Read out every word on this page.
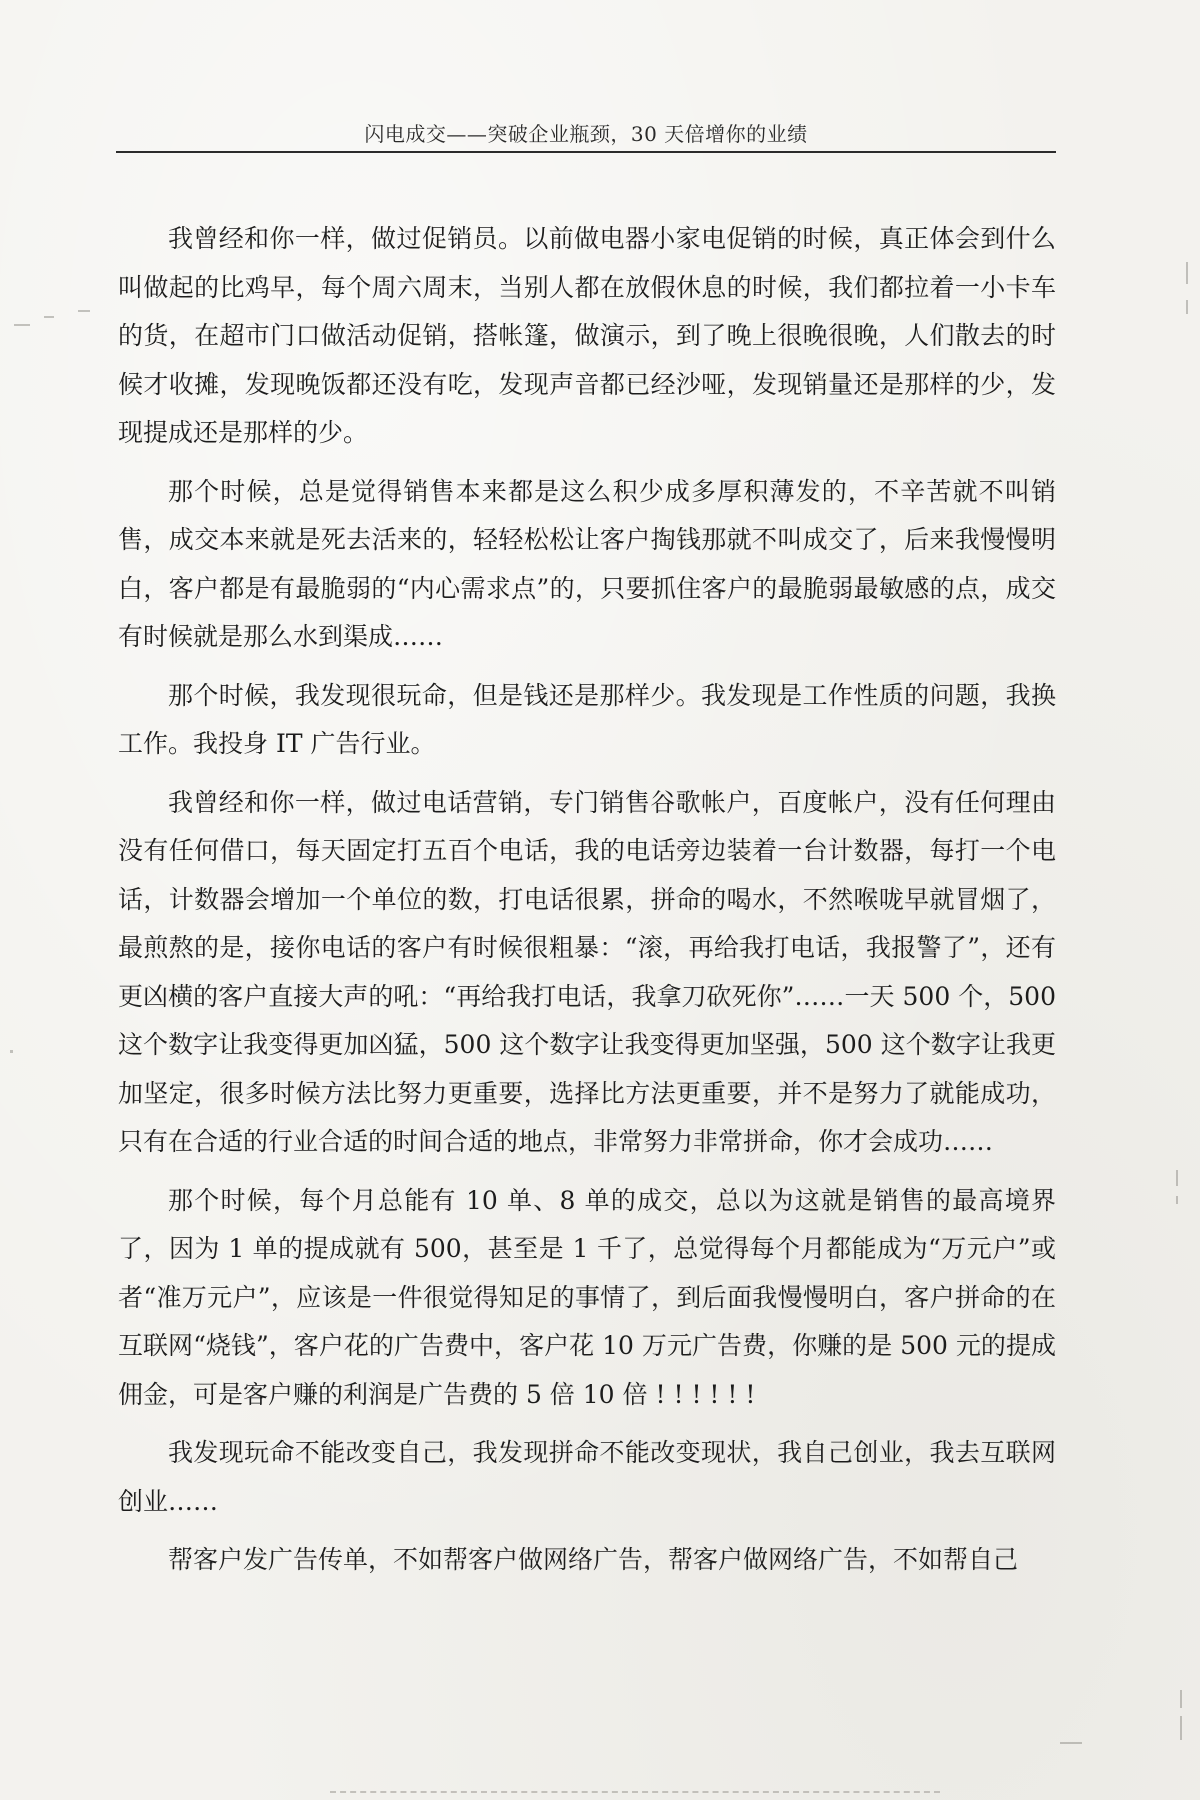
闪电成交——突破企业瓶颈，30 天倍增你的业绩

我曾经和你一样，做过促销员。以前做电器小家电促销的时候，真正体会到什么叫做起的比鸡早，每个周六周末，当别人都在放假休息的时候，我们都拉着一小卡车的货，在超市门口做活动促销，搭帐篷，做演示，到了晚上很晚很晚，人们散去的时候才收摊，发现晚饭都还没有吃，发现声音都已经沙哑，发现销量还是那样的少，发现提成还是那样的少。

那个时候，总是觉得销售本来都是这么积少成多厚积薄发的，不辛苦就不叫销售，成交本来就是死去活来的，轻轻松松让客户掏钱那就不叫成交了，后来我慢慢明白，客户都是有最脆弱的“内心需求点”的，只要抓住客户的最脆弱最敏感的点，成交有时候就是那么水到渠成……

那个时候，我发现很玩命，但是钱还是那样少。我发现是工作性质的问题，我换工作。我投身 IT 广告行业。

我曾经和你一样，做过电话营销，专门销售谷歌帐户，百度帐户，没有任何理由没有任何借口，每天固定打五百个电话，我的电话旁边装着一台计数器，每打一个电话，计数器会增加一个单位的数，打电话很累，拼命的喝水，不然喉咙早就冒烟了，最煎熬的是，接你电话的客户有时候很粗暴：“滚，再给我打电话，我报警了”，还有更凶横的客户直接大声的吼：“再给我打电话，我拿刀砍死你”……一天 500 个，500 这个数字让我变得更加凶猛，500 这个数字让我变得更加坚强，500 这个数字让我更加坚定，很多时候方法比努力更重要，选择比方法更重要，并不是努力了就能成功，只有在合适的行业合适的时间合适的地点，非常努力非常拼命，你才会成功……

那个时候，每个月总能有 10 单、8 单的成交，总以为这就是销售的最高境界了，因为 1 单的提成就有 500，甚至是 1 千了，总觉得每个月都能成为“万元户”或者“准万元户”，应该是一件很觉得知足的事情了，到后面我慢慢明白，客户拼命的在互联网“烧钱”，客户花的广告费中，客户花 10 万元广告费，你赚的是 500 元的提成佣金，可是客户赚的利润是广告费的 5 倍 10 倍 ! ! ! ! ! !

我发现玩命不能改变自己，我发现拼命不能改变现状，我自己创业，我去互联网创业……

帮客户发广告传单，不如帮客户做网络广告，帮客户做网络广告，不如帮自己
